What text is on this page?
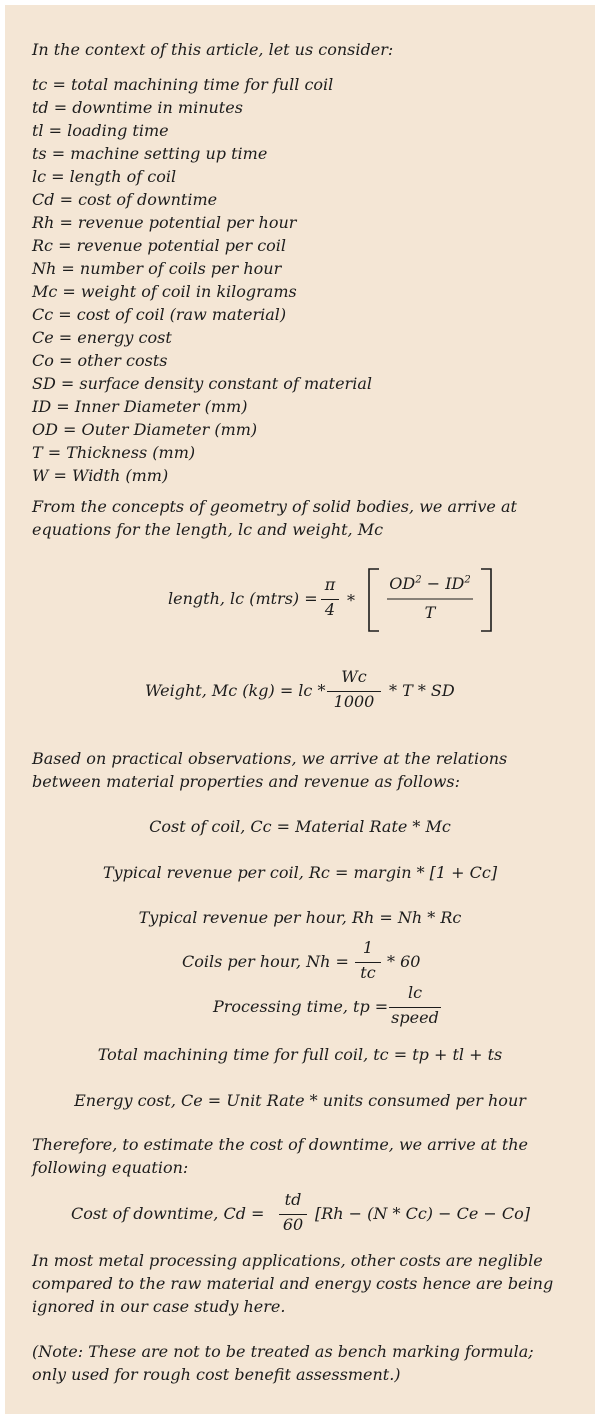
In the context of this article, let us consider:

tc = total machining time for full coil
td = downtime in minutes
tl = loading time
ts = machine setting up time
lc = length of coil
Cd = cost of downtime
Rh = revenue potential per hour
Rc = revenue potential per coil
Nh = number of coils per hour
Mc = weight of coil in kilograms
Cc = cost of coil (raw material)
Ce = energy cost
Co = other costs
SD = surface density constant of material
ID = Inner Diameter (mm)
OD = Outer Diameter (mm)
T = Thickness (mm)
W = Width (mm)
From the concepts of geometry of solid bodies, we arrive at
equations for the length, lc and weight, Mc
length, lc (mtrs) =
π
4 *
$OD^2 - ID^2$
T
Weight, Mc (kg) = lc *
Wc
1000
* T * SD
Based on practical observations, we arrive at the relations
between material properties and revenue as follows:
Cost of coil, Cc = Material Rate * Mc
Typical revenue per coil, Rc = margin * [1 + Cc]
Typical revenue per hour, Rh = Nh * Rc
Coils per hour, Nh =
1
tc
* 60
Processing time, tp =
lc
speed
Total machining time for full coil, tc = tp + tl + ts
Energy cost, Ce = Unit Rate * units consumed per hour
Therefore, to estimate the cost of downtime, we arrive at the
following equation:
Cost of downtime, Cd =
td
60
[Rh − (N * Cc) − Ce − Co]
In most metal processing applications, other costs are neglible
compared to the raw material and energy costs hence are being
ignored in our case study here.
(Note: These are not to be treated as bench marking formula;
only used for rough cost benefit assessment.)
